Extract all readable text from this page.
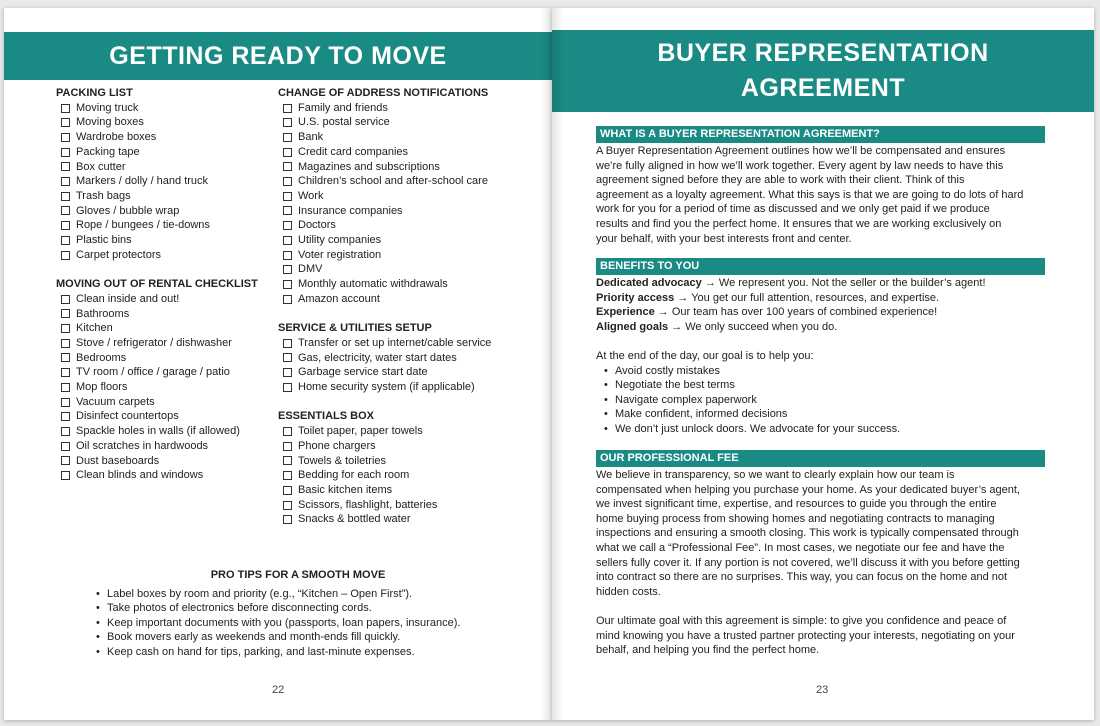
GETTING READY TO MOVE
PACKING LIST
Moving truck
Moving boxes
Wardrobe boxes
Packing tape
Box cutter
Markers / dolly / hand truck
Trash bags
Gloves / bubble wrap
Rope / bungees / tie-downs
Plastic bins
Carpet protectors
MOVING OUT OF RENTAL CHECKLIST
Clean inside and out!
Bathrooms
Kitchen
Stove / refrigerator / dishwasher
Bedrooms
TV room / office / garage / patio
Mop floors
Vacuum carpets
Disinfect countertops
Spackle holes in walls (if allowed)
Oil scratches in hardwoods
Dust baseboards
Clean blinds and windows
CHANGE OF ADDRESS NOTIFICATIONS
Family and friends
U.S. postal service
Bank
Credit card companies
Magazines and subscriptions
Children’s school and after-school care
Work
Insurance companies
Doctors
Utility companies
Voter registration
DMV
Monthly automatic withdrawals
Amazon account
SERVICE & UTILITIES SETUP
Transfer or set up internet/cable service
Gas, electricity, water start dates
Garbage service start date
Home security system (if applicable)
ESSENTIALS BOX
Toilet paper, paper towels
Phone chargers
Towels & toiletries
Bedding for each room
Basic kitchen items
Scissors, flashlight, batteries
Snacks & bottled water
PRO TIPS FOR A SMOOTH MOVE
• Label boxes by room and priority (e.g., “Kitchen – Open First”).
• Take photos of electronics before disconnecting cords.
• Keep important documents with you (passports, loan papers, insurance).
• Book movers early as weekends and month-ends fill quickly.
• Keep cash on hand for tips, parking, and last-minute expenses.
22
BUYER REPRESENTATION
AGREEMENT
WHAT IS A BUYER REPRESENTATION AGREEMENT?
A Buyer Representation Agreement outlines how we’ll be compensated and ensures
we’re fully aligned in how we’ll work together. Every agent by law needs to have this
agreement signed before they are able to work with their client. Think of this
agreement as a loyalty agreement. What this says is that we are going to do lots of hard
work for you for a period of time as discussed and we only get paid if we produce
results and find you the perfect home. It ensures that we are working exclusively on
your behalf, with your best interests front and center.
BENEFITS TO YOU
Dedicated advocacy → We represent you. Not the seller or the builder’s agent!
Priority access → You get our full attention, resources, and expertise.
Experience → Our team has over 100 years of combined experience!
Aligned goals → We only succeed when you do.

At the end of the day, our goal is to help you:

• Avoid costly mistakes
• Negotiate the best terms
• Navigate complex paperwork
• Make confident, informed decisions
• We don’t just unlock doors. We advocate for your success.
OUR PROFESSIONAL FEE
We believe in transparency, so we want to clearly explain how our team is
compensated when helping you purchase your home. As your dedicated buyer’s agent,
we invest significant time, expertise, and resources to guide you through the entire
home buying process from showing homes and negotiating contracts to managing
inspections and ensuring a smooth closing. This work is typically compensated through
what we call a “Professional Fee”. In most cases, we negotiate our fee and have the
sellers fully cover it. If any portion is not covered, we’ll discuss it with you before getting
into contract so there are no surprises. This way, you can focus on the home and not
hidden costs.
Our ultimate goal with this agreement is simple: to give you confidence and peace of
mind knowing you have a trusted partner protecting your interests, negotiating on your
behalf, and helping you find the perfect home.
23
